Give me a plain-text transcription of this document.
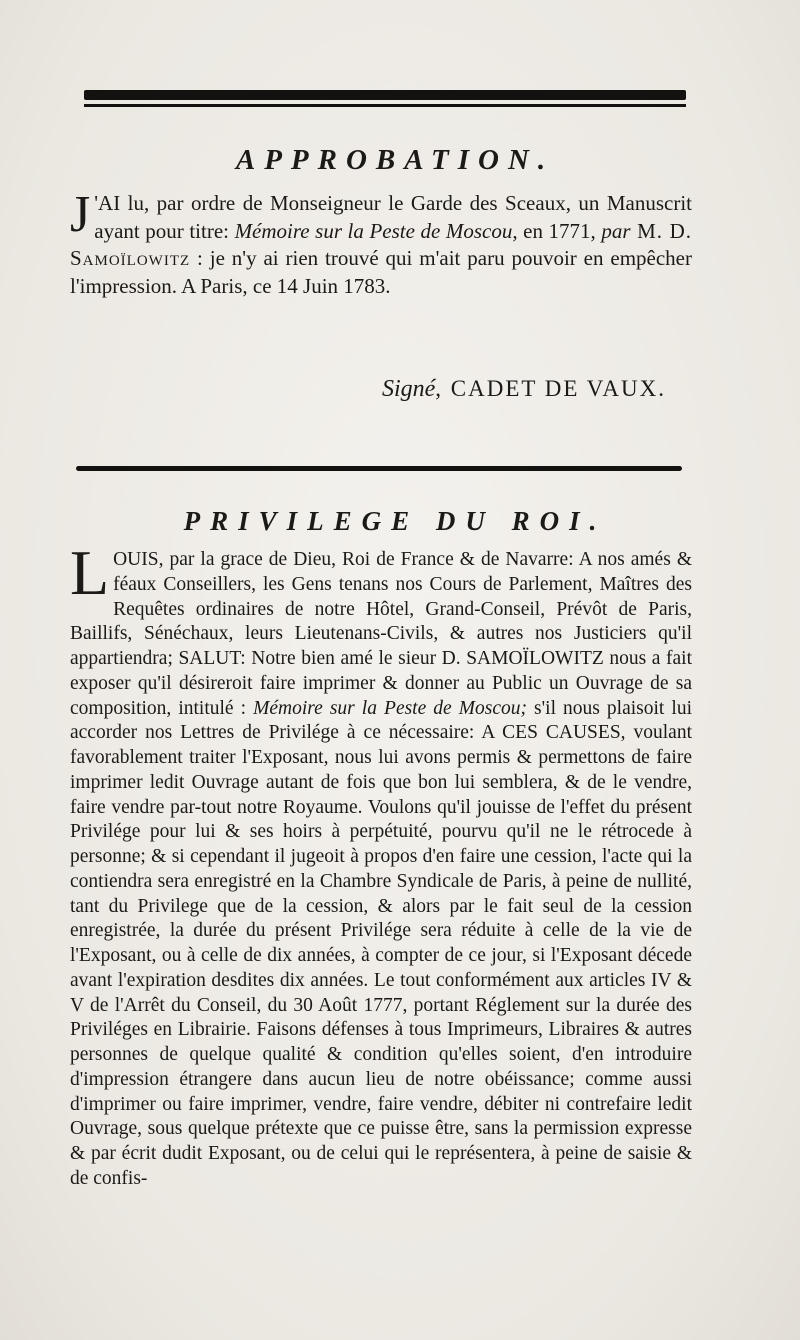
APPROBATION.
J 'AI lu, par ordre de Monseigneur le Garde des Sceaux, un Manuscrit ayant pour titre: Mémoire sur la Peste de Moscou, en 1771, par M. D. Samoïlowitz : je n'y ai rien trouvé qui m'ait paru pouvoir en empêcher l'impression. A Paris, ce 14 Juin 1783.
Signé, CADET DE VAUX.
PRIVILEGE DU ROI.
LOUIS, par la grace de Dieu, Roi de France & de Navarre: A nos amés & féaux Conseillers, les Gens tenans nos Cours de Parlement, Maîtres des Requêtes ordinaires de notre Hôtel, Grand-Conseil, Prévôt de Paris, Baillifs, Sénéchaux, leurs Lieutenans-Civils, & autres nos Justiciers qu'il appartiendra; SALUT: Notre bien amé le sieur D. SAMOÏLOWITZ nous a fait exposer qu'il désireroit faire imprimer & donner au Public un Ouvrage de sa composition, intitulé : Mémoire sur la Peste de Moscou; s'il nous plaisoit lui accorder nos Lettres de Privilége à ce nécessaire: A CES CAUSES, voulant favorablement traiter l'Exposant, nous lui avons permis & permettons de faire imprimer ledit Ouvrage autant de fois que bon lui semblera, & de le vendre, faire vendre par-tout notre Royaume. Voulons qu'il jouisse de l'effet du présent Privilége pour lui & ses hoirs à perpétuité, pourvu qu'il ne le rétrocede à personne; & si cependant il jugeoit à propos d'en faire une cession, l'acte qui la contiendra sera enregistré en la Chambre Syndicale de Paris, à peine de nullité, tant du Privilege que de la cession, & alors par le fait seul de la cession enregistrée, la durée du présent Privilége sera réduite à celle de la vie de l'Exposant, ou à celle de dix années, à compter de ce jour, si l'Exposant décede avant l'expiration desdites dix années. Le tout conformément aux articles IV & V de l'Arrêt du Conseil, du 30 Août 1777, portant Réglement sur la durée des Priviléges en Librairie. Faisons défenses à tous Imprimeurs, Libraires & autres personnes de quelque qualité & condition qu'elles soient, d'en introduire d'impression étrangere dans aucun lieu de notre obéissance; comme aussi d'imprimer ou faire imprimer, vendre, faire vendre, débiter ni contrefaire ledit Ouvrage, sous quelque prétexte que ce puisse être, sans la permission expresse & par écrit dudit Exposant, ou de celui qui le représentera, à peine de saisie & de confis-
